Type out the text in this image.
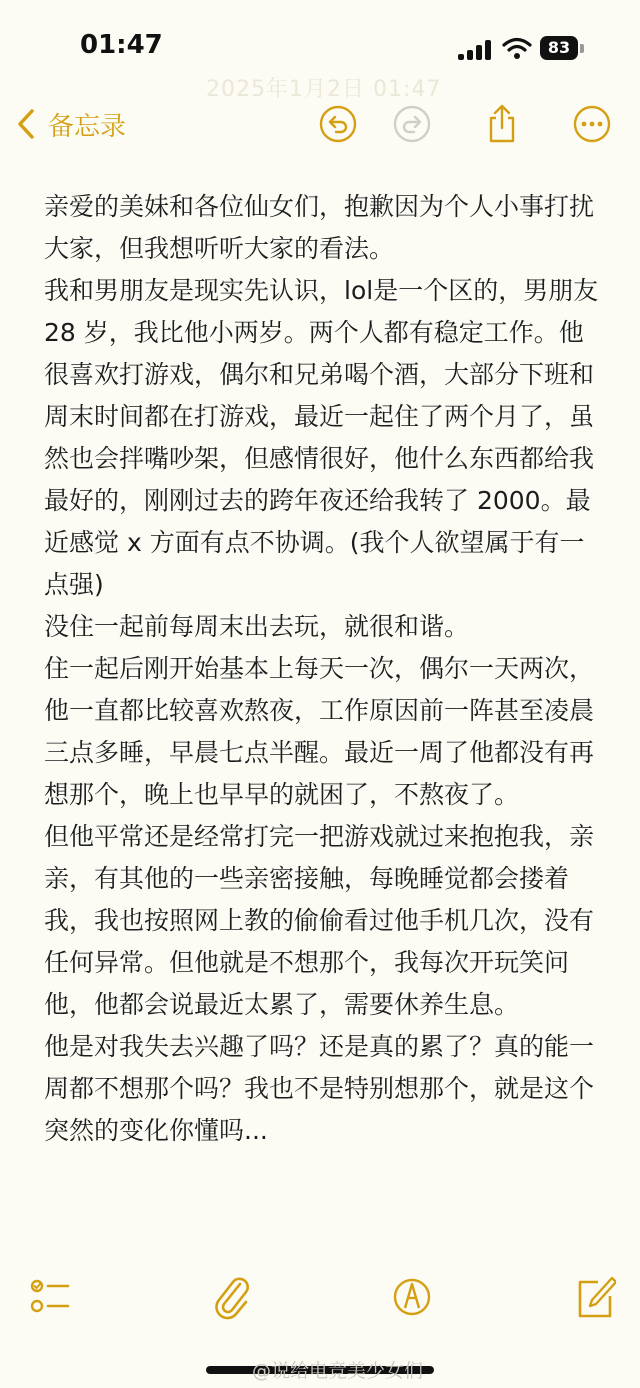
01:47	83
2025年1月2日 01:47
备忘录

亲爱的美妹和各位仙女们，抱歉因为个人小事打扰大家，但我想听听大家的看法。

我和男朋友是现实先认识，lol是一个区的，男朋友 28 岁，我比他小两岁。两个人都有稳定工作。他很喜欢打游戏，偶尔和兄弟喝个酒，大部分下班和周末时间都在打游戏，最近一起住了两个月了，虽然也会拌嘴吵架，但感情很好，他什么东西都给我最好的，刚刚过去的跨年夜还给我转了 2000。最近感觉 x 方面有点不协调。(我个人欲望属于有一点强)

没住一起前每周末出去玩，就很和谐。

住一起后刚开始基本上每天一次，偶尔一天两次，他一直都比较喜欢熬夜，工作原因前一阵甚至凌晨三点多睡，早晨七点半醒。最近一周了他都没有再想那个，晚上也早早的就困了，不熬夜了。

但他平常还是经常打完一把游戏就过来抱抱我，亲亲，有其他的一些亲密接触，每晚睡觉都会搂着我，我也按照网上教的偷偷看过他手机几次，没有任何异常。但他就是不想那个，我每次开玩笑问他，他都会说最近太累了，需要休养生息。

他是对我失去兴趣了吗？还是真的累了？真的能一周都不想那个吗？我也不是特别想那个，就是这个突然的变化你懂吗...

@说给电竞美少女们
